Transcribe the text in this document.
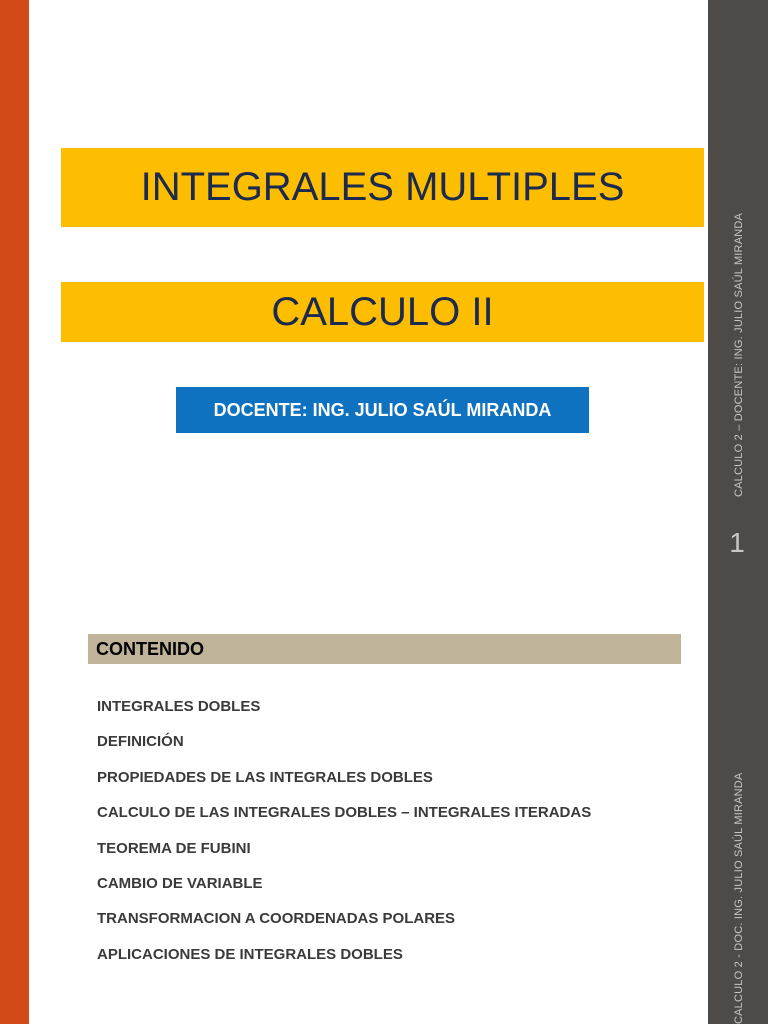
CALCULO 2 – DOCENTE: ING. JULIO SAÚL MIRANDA
CALCULO 2 - DOC. ING. JULIO SAÚL MIRANDA
1
INTEGRALES MULTIPLES
CALCULO II
DOCENTE: ING. JULIO SAÚL MIRANDA
CONTENIDO
INTEGRALES DOBLES
DEFINICIÓN
PROPIEDADES DE LAS INTEGRALES DOBLES
CALCULO DE LAS INTEGRALES DOBLES – INTEGRALES ITERADAS
TEOREMA DE FUBINI
CAMBIO DE VARIABLE
TRANSFORMACION A COORDENADAS POLARES
APLICACIONES DE INTEGRALES DOBLES
